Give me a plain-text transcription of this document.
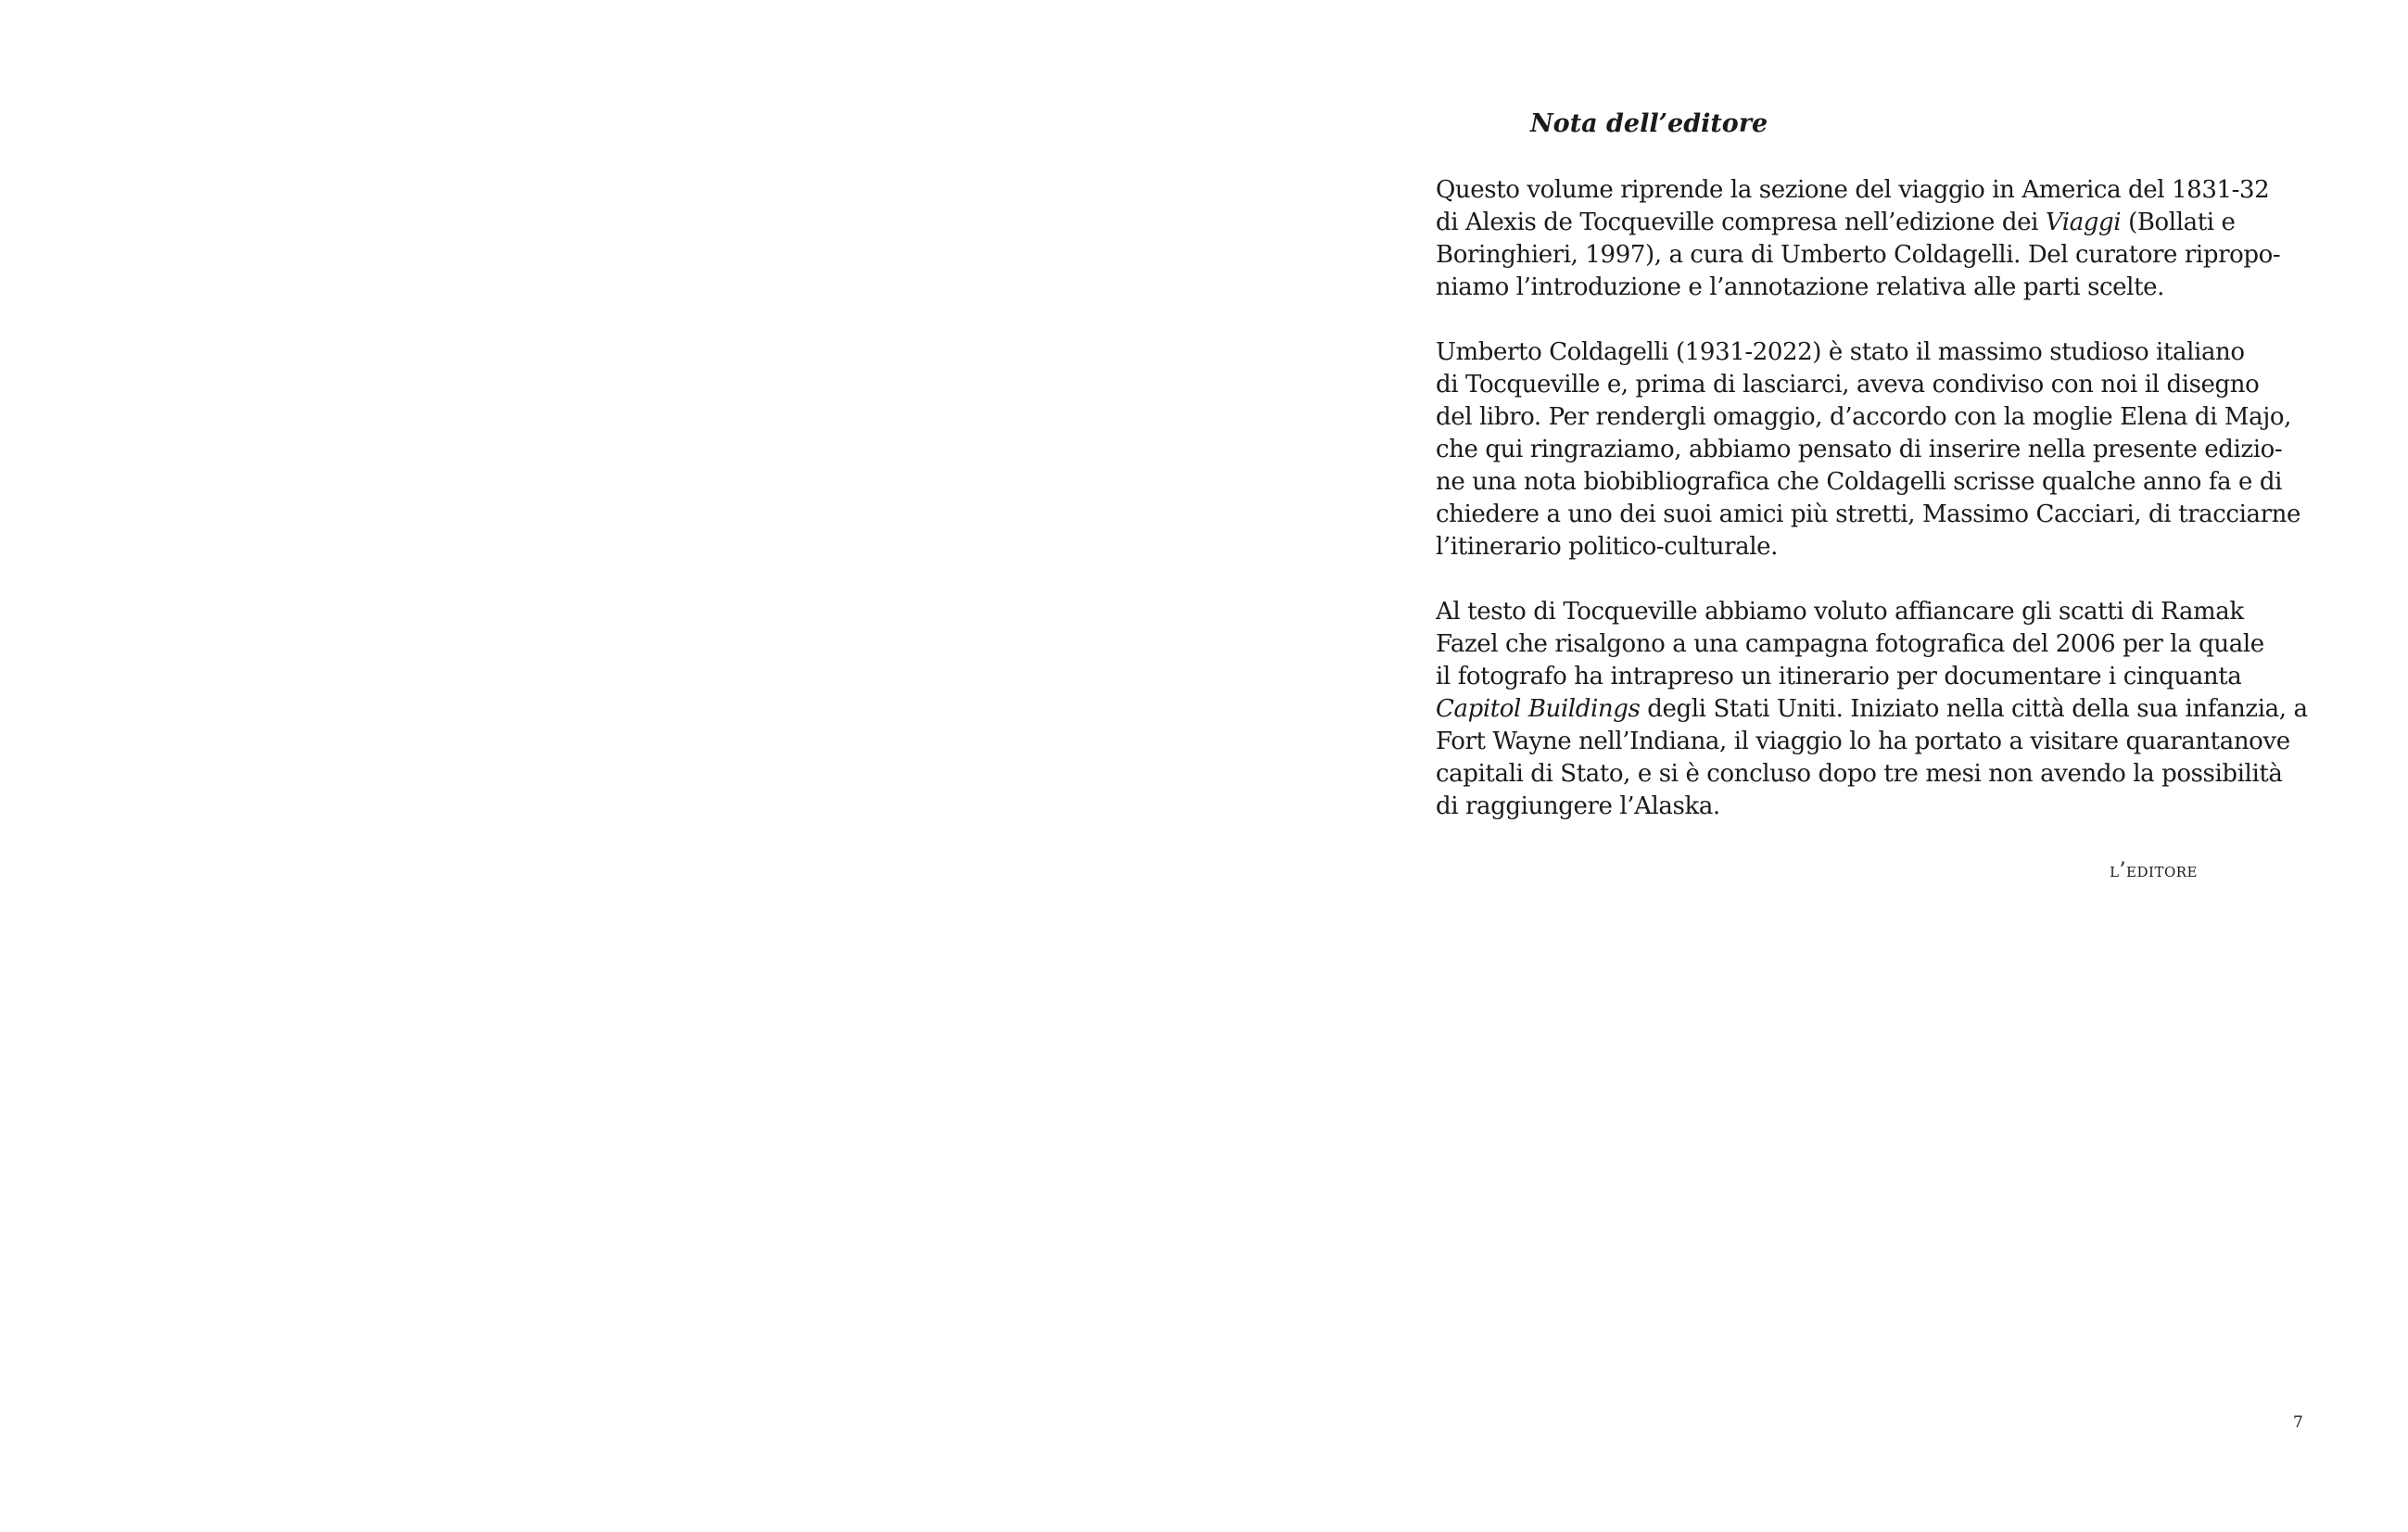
Nota dell’editore

Questo volume riprende la sezione del viaggio in America del 1831-32
di Alexis de Tocqueville compresa nell’edizione dei Viaggi (Bollati e
Boringhieri, 1997), a cura di Umberto Coldagelli. Del curatore ripropo-
niamo l’introduzione e l’annotazione relativa alle parti scelte.

Umberto Coldagelli (1931-2022) è stato il massimo studioso italiano
di Tocqueville e, prima di lasciarci, aveva condiviso con noi il disegno
del libro. Per rendergli omaggio, d’accordo con la moglie Elena di Majo,
che qui ringraziamo, abbiamo pensato di inserire nella presente edizio-
ne una nota biobibliografica che Coldagelli scrisse qualche anno fa e di
chiedere a uno dei suoi amici più stretti, Massimo Cacciari, di tracciarne
l’itinerario politico-culturale.

Al testo di Tocqueville abbiamo voluto affiancare gli scatti di Ramak
Fazel che risalgono a una campagna fotografica del 2006 per la quale
il fotografo ha intrapreso un itinerario per documentare i cinquanta
Capitol Buildings degli Stati Uniti. Iniziato nella città della sua infanzia, a
Fort Wayne nell’Indiana, il viaggio lo ha portato a visitare quarantanove
capitali di Stato, e si è concluso dopo tre mesi non avendo la possibilità
di raggiungere l’Alaska.

l’editore
7
